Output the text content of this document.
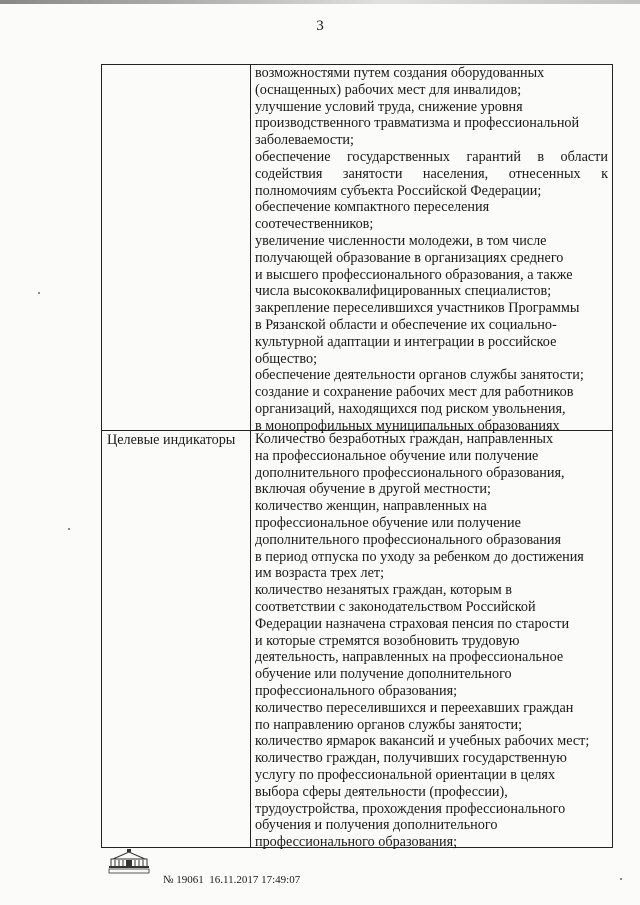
3
Целевые индикаторы
возможностями путем создания оборудованных
(оснащенных) рабочих мест для инвалидов;
улучшение условий труда, снижение уровня
производственного травматизма и профессиональной
заболеваемости;
обеспечение государственных гарантий в области
содействия занятости населения, отнесенных к
полномочиям субъекта Российской Федерации;
обеспечение компактного переселения
соотечественников;
увеличение численности молодежи, в том числе
получающей образование в организациях среднего
и высшего профессионального образования, а также
числа высококвалифицированных специалистов;
закрепление переселившихся участников Программы
в Рязанской области и обеспечение их социально-
культурной адаптации и интеграции в российское
общество;
обеспечение деятельности органов службы занятости;
создание и сохранение рабочих мест для работников
организаций, находящихся под риском увольнения,
в монопрофильных муниципальных образованиях
Количество безработных граждан, направленных
на профессиональное обучение или получение
дополнительного профессионального образования,
включая обучение в другой местности;
количество женщин, направленных на
профессиональное обучение или получение
дополнительного профессионального образования
в период отпуска по уходу за ребенком до достижения
им возраста трех лет;
количество незанятых граждан, которым в
соответствии с законодательством Российской
Федерации назначена страховая пенсия по старости
и которые стремятся возобновить трудовую
деятельность, направленных на профессиональное
обучение или получение дополнительного
профессионального образования;
количество переселившихся и переехавших граждан
по направлению органов службы занятости;
количество ярмарок вакансий и учебных рабочих мест;
количество граждан, получивших государственную
услугу по профессиональной ориентации в целях
выбора сферы деятельности (профессии),
трудоустройства, прохождения профессионального
обучения и получения дополнительного
профессионального образования;
№ 19061 16.11.2017 17:49:07
